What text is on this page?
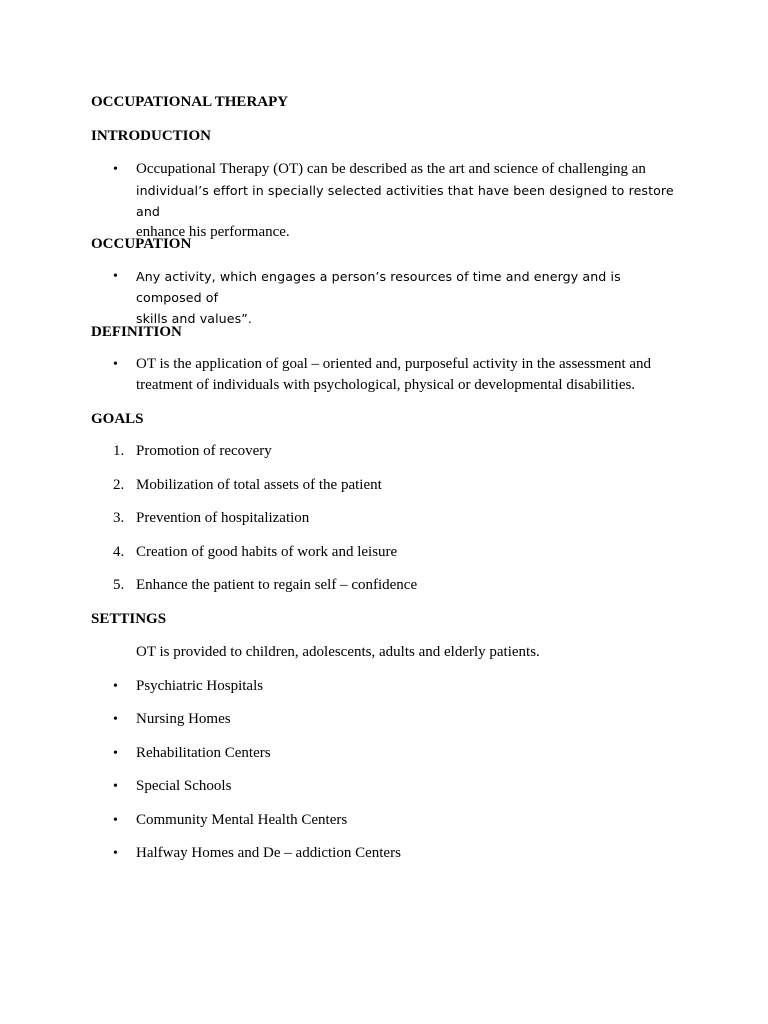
OCCUPATIONAL THERAPY
INTRODUCTION
•	Occupational Therapy (OT) can be described as the art and science of challenging an
individual’s effort in specially selected activities that have been designed to restore and
enhance his performance.
OCCUPATION
•	Any activity, which engages a person’s resources of time and energy and is composed of
skills and values”.
DEFINITION
•	OT is the application of goal – oriented and, purposeful activity in the assessment and
treatment of individuals with psychological, physical or developmental disabilities.
GOALS
1. Promotion of recovery
2. Mobilization of total assets of the patient
3. Prevention of hospitalization
4. Creation of good habits of work and leisure
5. Enhance the patient to regain self – confidence
SETTINGS
OT is provided to children, adolescents, adults and elderly patients.
•	Psychiatric Hospitals
•	Nursing Homes
•	Rehabilitation Centers
•	Special Schools
•	Community Mental Health Centers
•	Halfway Homes and De – addiction Centers
